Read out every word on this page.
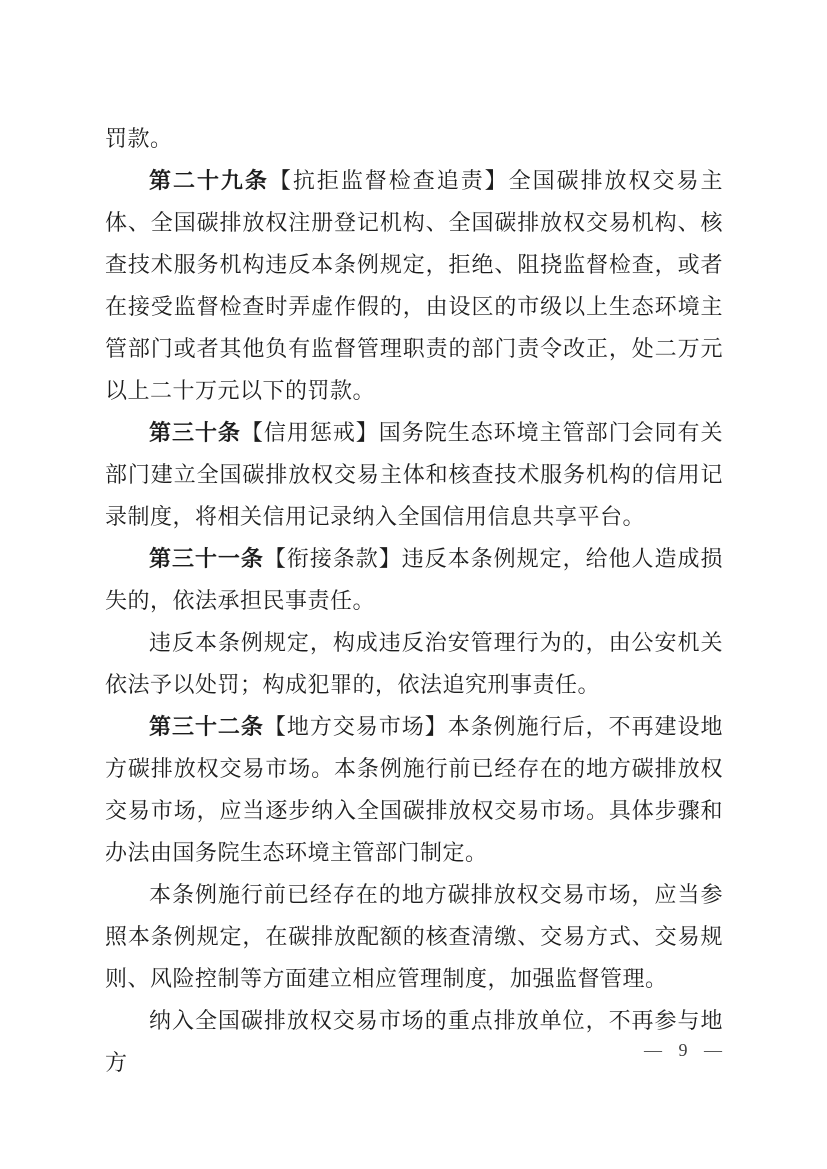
罚款。

第二十九条【抗拒监督检查追责】全国碳排放权交易主体、全国碳排放权注册登记机构、全国碳排放权交易机构、核查技术服务机构违反本条例规定，拒绝、阻挠监督检查，或者在接受监督检查时弄虚作假的，由设区的市级以上生态环境主管部门或者其他负有监督管理职责的部门责令改正，处二万元以上二十万元以下的罚款。

第三十条【信用惩戒】国务院生态环境主管部门会同有关部门建立全国碳排放权交易主体和核查技术服务机构的信用记录制度，将相关信用记录纳入全国信用信息共享平台。

第三十一条【衔接条款】违反本条例规定，给他人造成损失的，依法承担民事责任。

违反本条例规定，构成违反治安管理行为的，由公安机关依法予以处罚；构成犯罪的，依法追究刑事责任。

第三十二条【地方交易市场】本条例施行后，不再建设地方碳排放权交易市场。本条例施行前已经存在的地方碳排放权交易市场，应当逐步纳入全国碳排放权交易市场。具体步骤和办法由国务院生态环境主管部门制定。

本条例施行前已经存在的地方碳排放权交易市场，应当参照本条例规定，在碳排放配额的核查清缴、交易方式、交易规则、风险控制等方面建立相应管理制度，加强监督管理。

纳入全国碳排放权交易市场的重点排放单位，不再参与地方	— 9 —
